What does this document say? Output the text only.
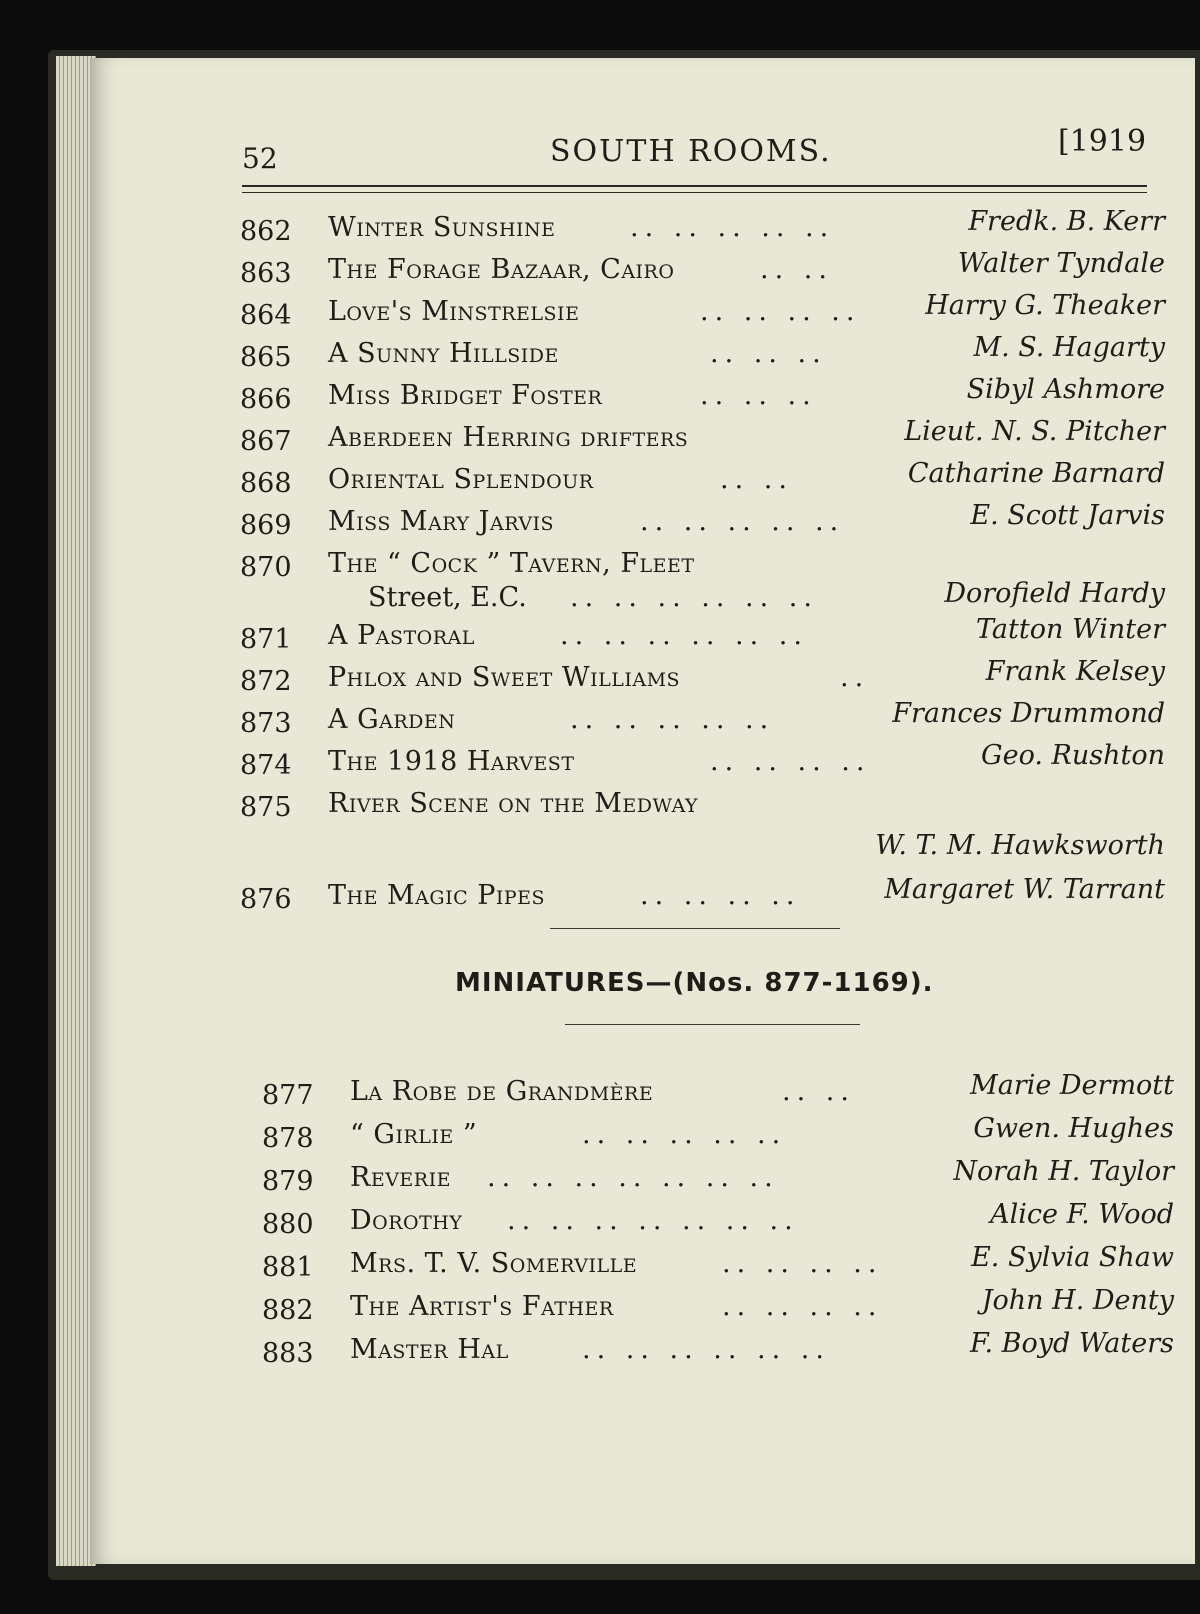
52	SOUTH ROOMS.	[1919
862	Winter Sunshine	.. .. .. .. ..	Fredk. B. Kerr
863	The Forage Bazaar, Cairo	.. ..	Walter Tyndale
864	Love's Minstrelsie	.. .. .. .. Harry G. Theaker
865	A Sunny Hillside	.. .. ..	M. S. Hagarty
866	Miss Bridget Foster	.. .. ..	Sibyl Ashmore
867	Aberdeen Herring drifters	Lieut. N. S. Pitcher
868	Oriental Splendour	.. ..	Catharine Barnard
869	Miss Mary Jarvis	.. .. .. .. ..	E. Scott Jarvis
870	The “ Cock ” Tavern, Fleet
Street, E.C. .. .. .. .. .. ..	Dorofield Hardy
871	A Pastoral	.. .. .. .. .. ..	Tatton Winter
872	Phlox and Sweet Williams	..	Frank Kelsey
873	A Garden	.. .. .. .. ..	Frances Drummond
874	The 1918 Harvest	.. .. .. ..	Geo. Rushton
875	River Scene on the Medway
W. T. M. Hawksworth
876	The Magic Pipes	.. .. .. ..	Margaret W. Tarrant
MINIATURES—(Nos. 877-1169).
877	La Robe de Grandmère	.. ..	Marie Dermott
878	“ Girlie ”	.. .. .. .. ..	Gwen. Hughes
879	Reverie .. .. .. .. .. .. ..	Norah H. Taylor
880	Dorothy .. .. .. .. .. .. ..	Alice F. Wood
881	Mrs. T. V. Somerville	.. .. .. ..	E. Sylvia Shaw
882	The Artist's Father	.. .. .. ..	John H. Denty
883	Master Hal	.. .. .. .. .. ..	F. Boyd Waters
